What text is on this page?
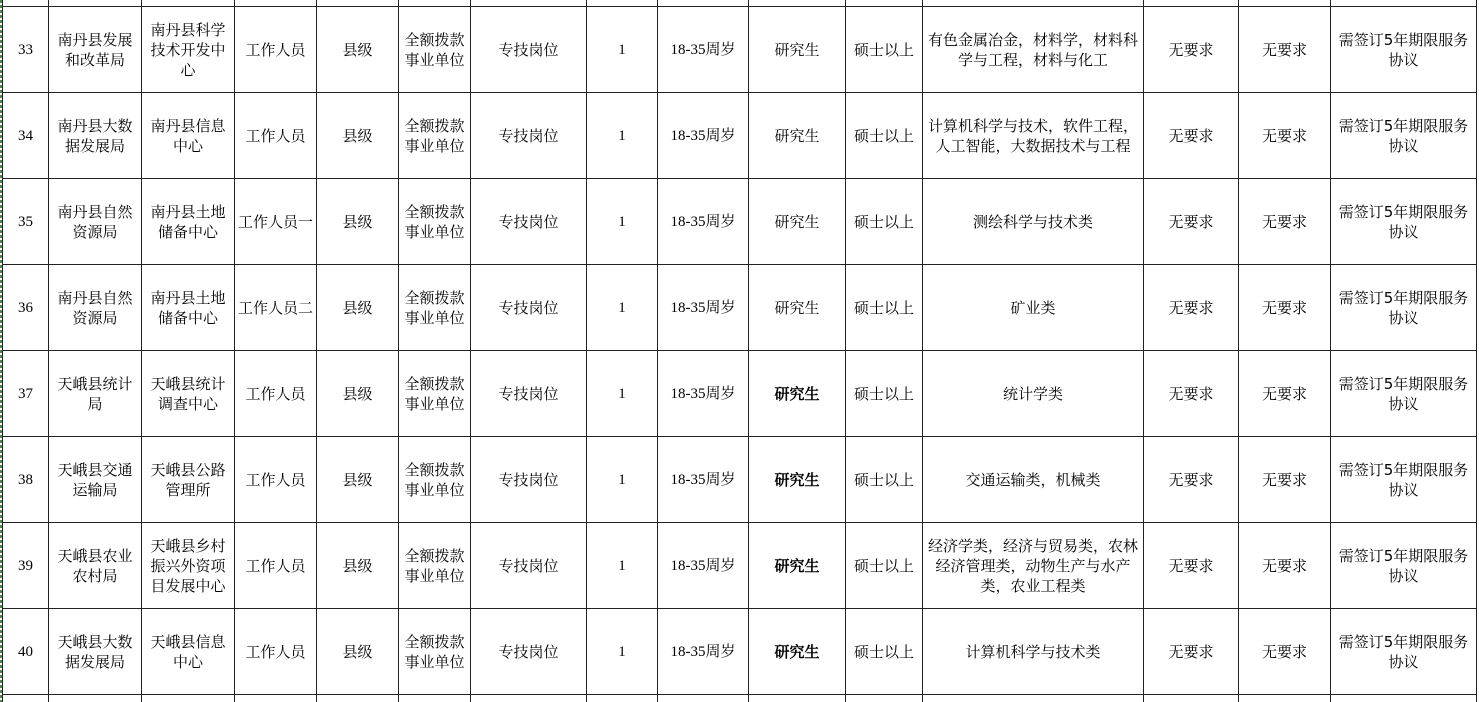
33	南丹县发展和改革局	南丹县科学技术开发中心	工作人员	县级	全额拨款事业单位	专技岗位	1	18-35周岁	研究生	硕士以上	有色金属冶金，材料学，材料科学与工程，材料与化工	无要求	无要求	需签订5年期限服务协议
34	南丹县大数据发展局	南丹县信息中心	工作人员	县级	全额拨款事业单位	专技岗位	1	18-35周岁	研究生	硕士以上	计算机科学与技术，软件工程，人工智能，大数据技术与工程	无要求	无要求	需签订5年期限服务协议
35	南丹县自然资源局	南丹县土地储备中心	工作人员一	县级	全额拨款事业单位	专技岗位	1	18-35周岁	研究生	硕士以上	测绘科学与技术类	无要求	无要求	需签订5年期限服务协议
36	南丹县自然资源局	南丹县土地储备中心	工作人员二	县级	全额拨款事业单位	专技岗位	1	18-35周岁	研究生	硕士以上	矿业类	无要求	无要求	需签订5年期限服务协议
37	天峨县统计局	天峨县统计调查中心	工作人员	县级	全额拨款事业单位	专技岗位	1	18-35周岁	研究生	硕士以上	统计学类	无要求	无要求	需签订5年期限服务协议
38	天峨县交通运输局	天峨县公路管理所	工作人员	县级	全额拨款事业单位	专技岗位	1	18-35周岁	研究生	硕士以上	交通运输类，机械类	无要求	无要求	需签订5年期限服务协议
39	天峨县农业农村局	天峨县乡村振兴外资项目发展中心	工作人员	县级	全额拨款事业单位	专技岗位	1	18-35周岁	研究生	硕士以上	经济学类，经济与贸易类，农林经济管理类，动物生产与水产类，农业工程类	无要求	无要求	需签订5年期限服务协议
40	天峨县大数据发展局	天峨县信息中心	工作人员	县级	全额拨款事业单位	专技岗位	1	18-35周岁	研究生	硕士以上	计算机科学与技术类	无要求	无要求	需签订5年期限服务协议
